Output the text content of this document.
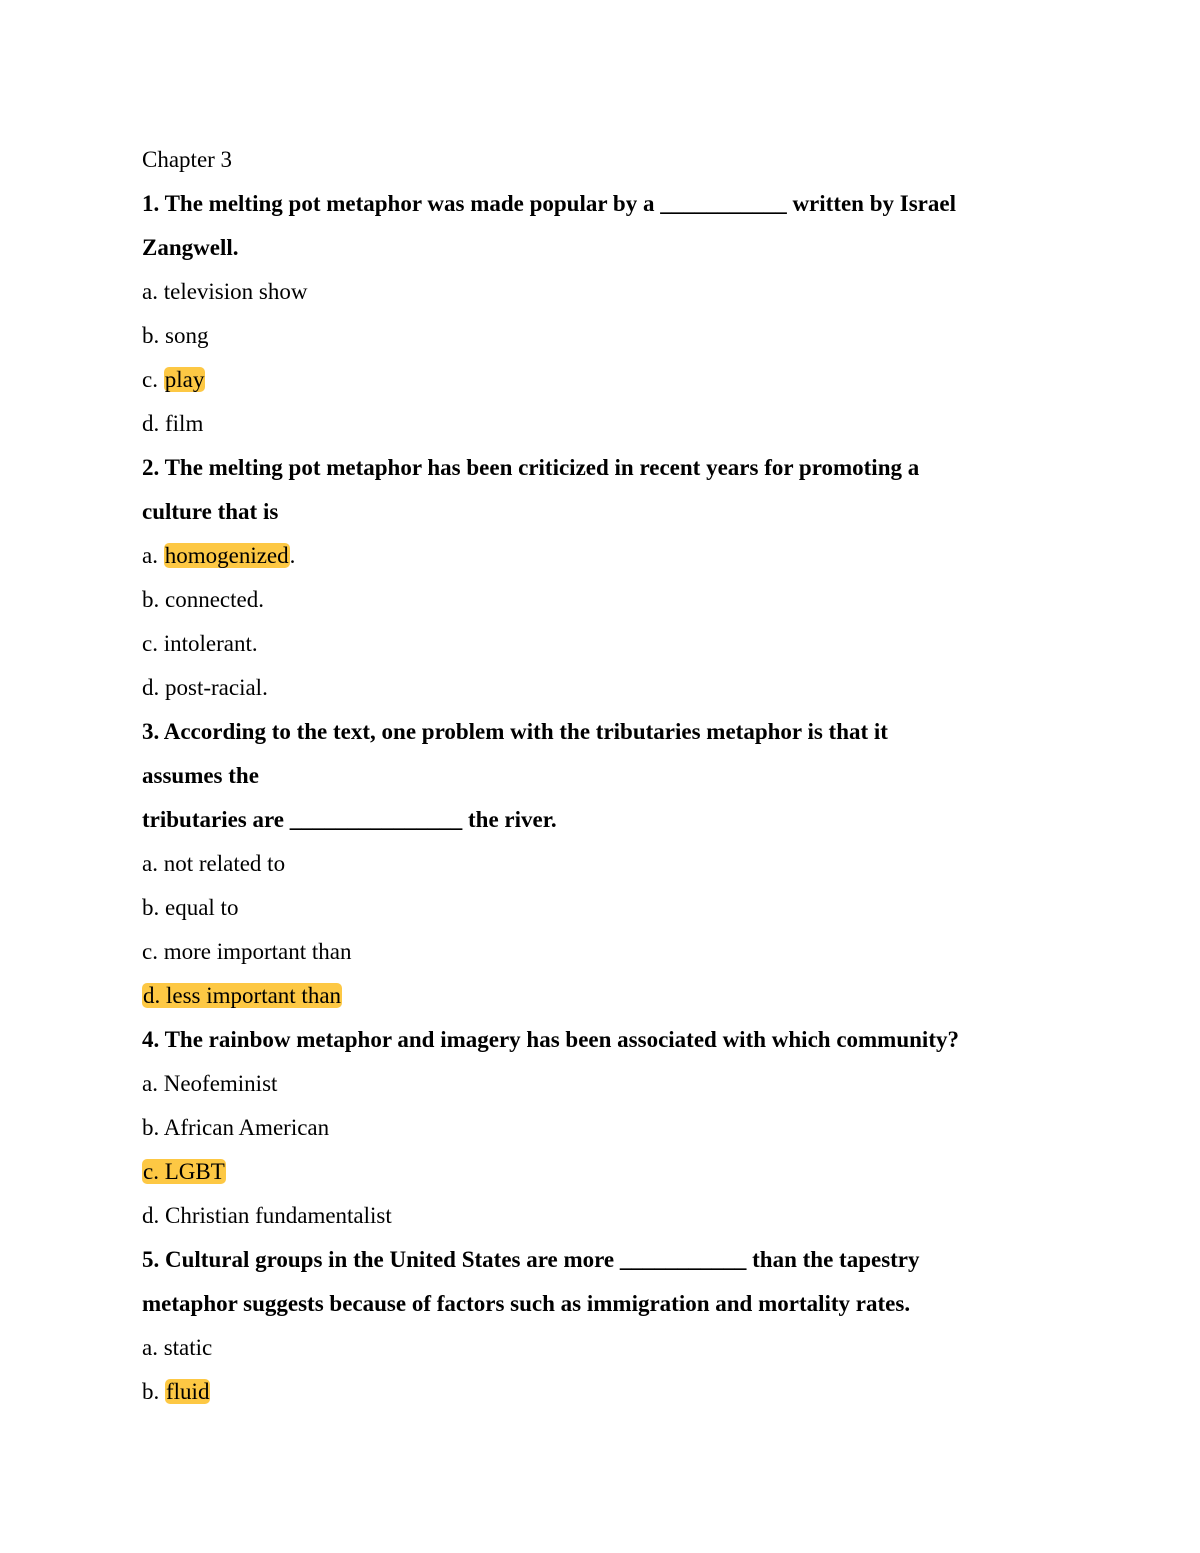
Chapter 3
1. The melting pot metaphor was made popular by a ___________ written by Israel
Zangwell.
a. television show
b. song
c. play
d. film
2. The melting pot metaphor has been criticized in recent years for promoting a
culture that is
a. homogenized.
b. connected.
c. intolerant.
d. post-racial.
3. According to the text, one problem with the tributaries metaphor is that it
assumes the
tributaries are _______________ the river.
a. not related to
b. equal to
c. more important than
d. less important than
4. The rainbow metaphor and imagery has been associated with which community?
a. Neofeminist
b. African American
c. LGBT
d. Christian fundamentalist
5. Cultural groups in the United States are more ___________ than the tapestry
metaphor suggests because of factors such as immigration and mortality rates.
a. static
b. fluid
